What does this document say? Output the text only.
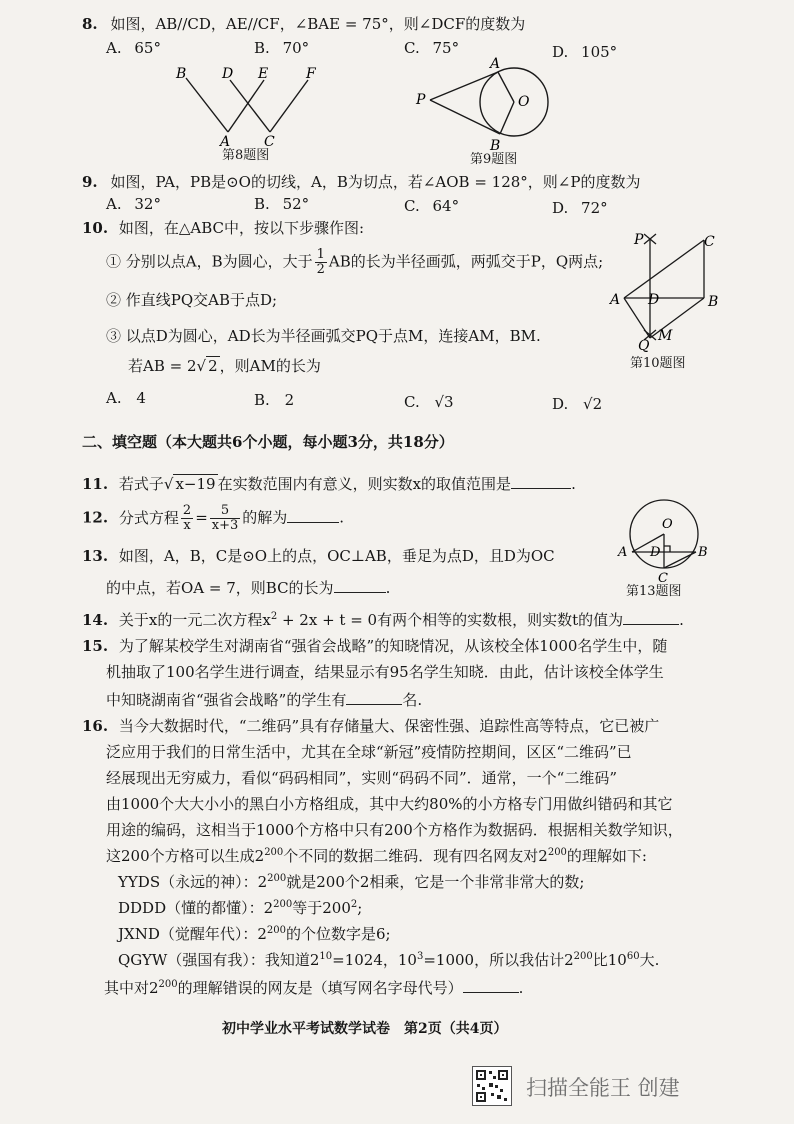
8. 如图，AB//CD，AE//CF，∠BAE = 75°，则∠DCF的度数为
A. 65°	B. 70°	C. 75°	D. 105°
B	D E	F
A C
第8题图
P
A
B
O
第9题图
9. 如图，PA，PB是⊙O的切线，A，B为切点，若∠AOB = 128°，则∠P的度数为
A. 32°	B. 52°	C. 64°	D. 72°
10. 如图，在△ABC中，按以下步骤作图:
① 分别以点A，B为圆心，大于 $\frac{1}{2}$ AB的长为半径画弧，两弧交于P，Q两点;
② 作直线PQ交AB于点D;
③ 以点D为圆心，AD长为半径画弧交PQ于点M，连接AM，BM.
若AB = 2√ 2 ，则AM的长为
A. 4	B. 2	C. √3	D. √2
P	C
A D	B
Q
M
第10题图
二、填空题（本大题共6个小题，每小题3分，共18分）
11. 若式子√ x−19 在实数范围内有意义，则实数x的取值范围是	.
12. 分式方程 $\frac{2}{x} = \frac{5}{x+3}$ 的解为	.
13. 如图，A，B，C是⊙O上的点，OC⊥AB，垂足为点D，且D为OC
的中点，若OA = 7，则BC的长为	.
O
A D	B
C
第13题图
14. 关于x的一元二次方程$x^2 + 2x + t = 0$有两个相等的实数根，则实数t的值为	.
15. 为了解某校学生对湖南省“强省会战略”的知晓情况，从该校全体1000名学生中，随
机抽取了100名学生进行调查，结果显示有95名学生知晓．由此，估计该校全体学生
中知晓湖南省“强省会战略”的学生有	名.
16. 当今大数据时代，“二维码”具有存储量大、保密性强、追踪性高等特点，它已被广
泛应用于我们的日常生活中，尤其在全球“新冠”疫情防控期间，区区“二维码”已
经展现出无穷威力，看似“码码相同”，实则“码码不同”．通常，一个“二维码”
由1000个大大小小的黑白小方格组成，其中大约80%的小方格专门用做纠错码和其它
用途的编码，这相当于1000个方格中只有200个方格作为数据码．根据相关数学知识，
这200个方格可以生成$2^{200}$个不同的数据二维码．现有四名网友对$2^{200}$的理解如下:
YYDS（永远的神）：$2^{200}$就是200个2相乘，它是一个非常非常大的数;
DDDD（懂的都懂）：$2^{200}$等于$200^2$;
JXND（觉醒年代）：$2^{200}$的个位数字是6;
QGYW（强国有我）：我知道$2^{10}=1024$，$10^3=1000$，所以我估计$2^{200}$比$10^{60}$大.
其中对$2^{200}$的理解错误的网友是（填写网名字母代号）	.
初中学业水平考试数学试卷　第2页（共4页）
扫描全能王 创建
